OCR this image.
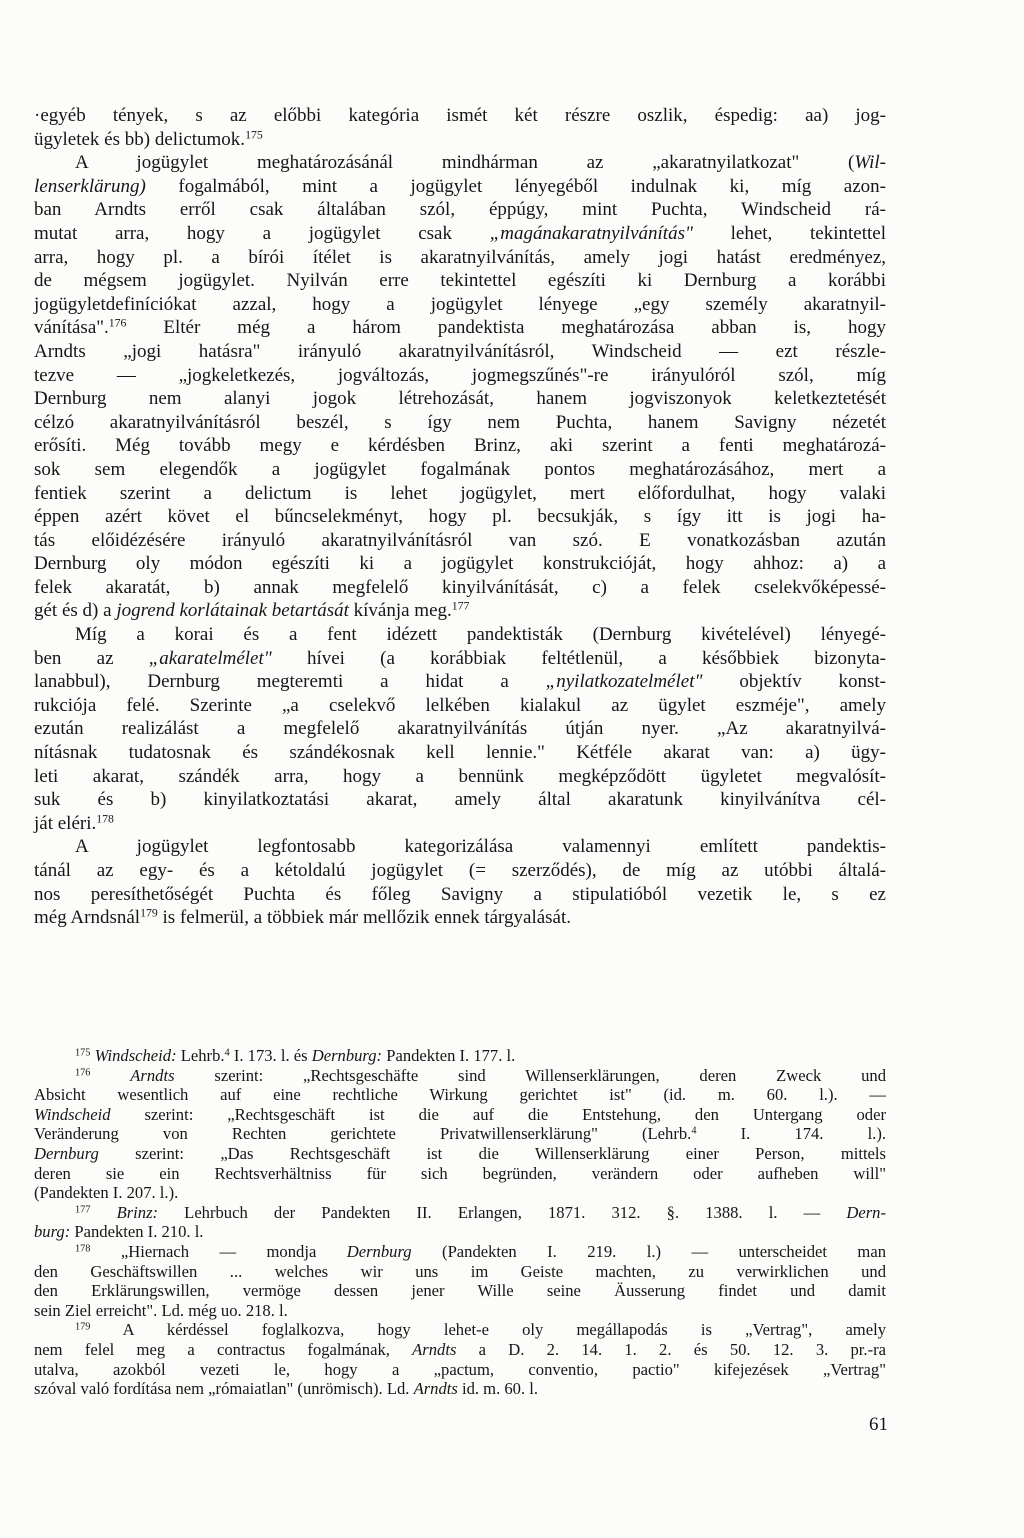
·egyéb tények, s az előbbi kategória ismét két részre oszlik, éspedig: aa) jog-
ügyletek és bb) delictumok.$^{175}$
A jogügylet meghatározásánál mindhárman az „akaratnyilatkozat" (Wil-
lenserklärung) fogalmából, mint a jogügylet lényegéből indulnak ki, míg azon-
ban Arndts erről csak általában szól, éppúgy, mint Puchta, Windscheid rá-
mutat arra, hogy a jogügylet csak „magánakaratnyilvánítás" lehet, tekintettel
arra, hogy pl. a bírói ítélet is akaratnyilvánítás, amely jogi hatást eredményez,
de mégsem jogügylet. Nyilván erre tekintettel egészíti ki Dernburg a korábbi
jogügyletdefiníciókat azzal, hogy a jogügylet lényege „egy személy akaratnyil-
vánítása".$^{176}$ Eltér még a három pandektista meghatározása abban is, hogy
Arndts „jogi hatásra" irányuló akaratnyilvánításról, Windscheid — ezt részle-
tezve — „jogkeletkezés, jogváltozás, jogmegszűnés"-re irányulóról szól, míg
Dernburg nem alanyi jogok létrehozását, hanem jogviszonyok keletkeztetését
célzó akaratnyilvánításról beszél, s így nem Puchta, hanem Savigny nézetét
erősíti. Még tovább megy e kérdésben Brinz, aki szerint a fenti meghatározá-
sok sem elegendők a jogügylet fogalmának pontos meghatározásához, mert a
fentiek szerint a delictum is lehet jogügylet, mert előfordulhat, hogy valaki
éppen azért követ el bűncselekményt, hogy pl. becsukják, s így itt is jogi ha-
tás előidézésére irányuló akaratnyilvánításról van szó. E vonatkozásban azután
Dernburg oly módon egészíti ki a jogügylet konstrukcióját, hogy ahhoz: a) a
felek akaratát, b) annak megfelelő kinyilvánítását, c) a felek cselekvőképessé-
gét és d) a jogrend korlátainak betartását kívánja meg.$^{177}$
Míg a korai és a fent idézett pandektisták (Dernburg kivételével) lényegé-
ben az „akaratelmélet" hívei (a korábbiak feltétlenül, a későbbiek bizonyta-
lanabbul), Dernburg megteremti a hidat a „nyilatkozatelmélet" objektív konst-
rukciója felé. Szerinte „a cselekvő lelkében kialakul az ügylet eszméje", amely
ezután realizálást a megfelelő akaratnyilvánítás útján nyer. „Az akaratnyilvá-
nításnak tudatosnak és szándékosnak kell lennie." Kétféle akarat van: a) ügy-
leti akarat, szándék arra, hogy a bennünk megképződött ügyletet megvalósít-
suk és b) kinyilatkoztatási akarat, amely által akaratunk kinyilvánítva cél-
ját eléri.$^{178}$
A jogügylet legfontosabb kategorizálása valamennyi említett pandektis-
tánál az egy- és a kétoldalú jogügylet (= szerződés), de míg az utóbbi általá-
nos peresíthetőségét Puchta és főleg Savigny a stipulatióból vezetik le, s ez
még Arndsnál$^{179}$ is felmerül, a többiek már mellőzik ennek tárgyalását.
$^{175}$ Windscheid: Lehrb.$^4$ I. 173. l. és Dernburg: Pandekten I. 177. l.
$^{176}$ Arndts szerint: „Rechtsgeschäfte sind Willenserklärungen, deren Zweck und
Absicht wesentlich auf eine rechtliche Wirkung gerichtet ist" (id. m. 60. l.). —
Windscheid szerint: „Rechtsgeschäft ist die auf die Entstehung, den Untergang oder
Veränderung von Rechten gerichtete Privatwillenserklärung" (Lehrb.$^4$ I. 174. l.).
Dernburg szerint: „Das Rechtsgeschäft ist die Willenserklärung einer Person, mittels
deren sie ein Rechtsverhältniss für sich begründen, verändern oder aufheben will"
(Pandekten I. 207. l.).
$^{177}$ Brinz: Lehrbuch der Pandekten II. Erlangen, 1871. 312. §. 1388. l. — Dern-
burg: Pandekten I. 210. l.
$^{178}$ „Hiernach — mondja Dernburg (Pandekten I. 219. l.) — unterscheidet man
den Geschäftswillen ... welches wir uns im Geiste machten, zu verwirklichen und
den Erklärungswillen, vermöge dessen jener Wille seine Äusserung findet und damit
sein Ziel erreicht". Ld. még uo. 218. l.
$^{179}$ A kérdéssel foglalkozva, hogy lehet-e oly megállapodás is „Vertrag", amely
nem felel meg a contractus fogalmának, Arndts a D. 2. 14. 1. 2. és 50. 12. 3. pr.-ra
utalva, azokból vezeti le, hogy a „pactum, conventio, pactio" kifejezések „Vertrag"
szóval való fordítása nem „rómaiatlan" (unrömisch). Ld. Arndts id. m. 60. l.
61
